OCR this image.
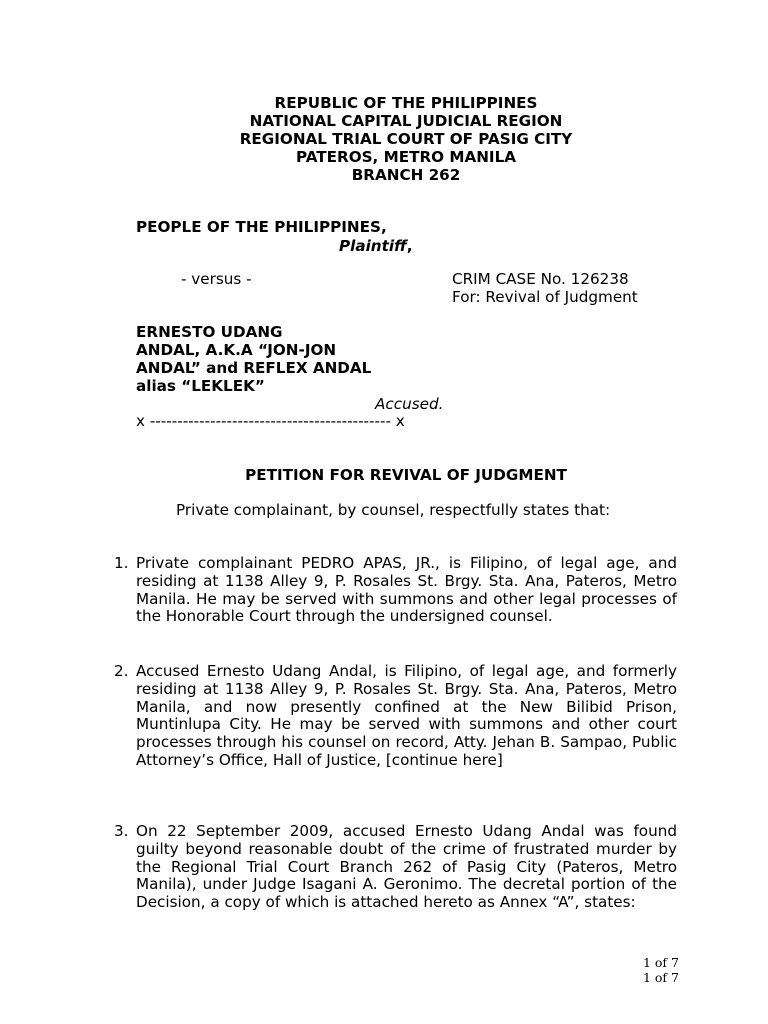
REPUBLIC OF THE PHILIPPINES
NATIONAL CAPITAL JUDICIAL REGION
REGIONAL TRIAL COURT OF PASIG CITY
PATEROS, METRO MANILA
BRANCH 262
PEOPLE OF THE PHILIPPINES,
Plaintiff,
- versus -	CRIM CASE No. 126238
For: Revival of Judgment
ERNESTO UDANG
ANDAL, A.K.A “JON-JON
ANDAL” and REFLEX ANDAL
alias “LEKLEK”
Accused.
x -------------------------------------------- x
PETITION FOR REVIVAL OF JUDGMENT
Private complainant, by counsel, respectfully states that:
1. Private complainant PEDRO APAS, JR., is Filipino, of legal age, and residing at 1138 Alley 9, P. Rosales St. Brgy. Sta. Ana, Pateros, Metro Manila. He may be served with summons and other legal processes of the Honorable Court through the undersigned counsel.
2. Accused Ernesto Udang Andal, is Filipino, of legal age, and formerly residing at 1138 Alley 9, P. Rosales St. Brgy. Sta. Ana, Pateros, Metro Manila, and now presently confined at the New Bilibid Prison, Muntinlupa City. He may be served with summons and other court processes through his counsel on record, Atty. Jehan B. Sampao, Public Attorney’s Office, Hall of Justice, [continue here]
3. On 22 September 2009, accused Ernesto Udang Andal was found guilty beyond reasonable doubt of the crime of frustrated murder by the Regional Trial Court Branch 262 of Pasig City (Pateros, Metro Manila), under Judge Isagani A. Geronimo. The decretal portion of the Decision, a copy of which is attached hereto as Annex “A”, states:
1 of 7
1 of 7
